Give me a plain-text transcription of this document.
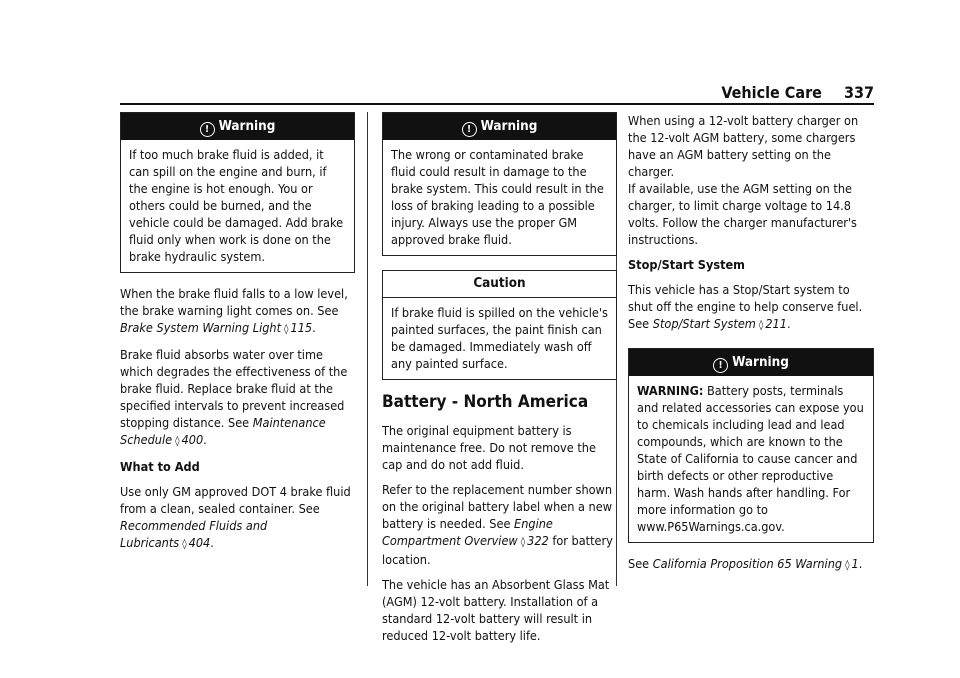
Vehicle Care 337
! Warning
If too much brake fluid is added, it can spill on the engine and burn, if the engine is hot enough. You or others could be burned, and the vehicle could be damaged. Add brake fluid only when work is done on the brake hydraulic system.

When the brake fluid falls to a low level, the brake warning light comes on. See Brake System Warning Light ◊ 115.

Brake fluid absorbs water over time which degrades the effectiveness of the brake fluid. Replace brake fluid at the specified intervals to prevent increased stopping distance. See Maintenance Schedule ◊ 400.

What to Add

Use only GM approved DOT 4 brake fluid from a clean, sealed container. See Recommended Fluids and Lubricants ◊ 404.

! Warning
The wrong or contaminated brake fluid could result in damage to the brake system. This could result in the loss of braking leading to a possible injury. Always use the proper GM approved brake fluid.
Caution
If brake fluid is spilled on the vehicle's painted surfaces, the paint finish can be damaged. Immediately wash off any painted surface.
Battery - North America

The original equipment battery is maintenance free. Do not remove the cap and do not add fluid.

Refer to the replacement number shown on the original battery label when a new battery is needed. See Engine Compartment Overview ◊ 322 for battery location.

The vehicle has an Absorbent Glass Mat (AGM) 12-volt battery. Installation of a standard 12-volt battery will result in reduced 12-volt battery life.

When using a 12-volt battery charger on the 12-volt AGM battery, some chargers have an AGM battery setting on the charger.

If available, use the AGM setting on the charger, to limit charge voltage to 14.8 volts. Follow the charger manufacturer's instructions.

Stop/Start System

This vehicle has a Stop/Start system to shut off the engine to help conserve fuel. See Stop/Start System ◊ 211.

! Warning
WARNING: Battery posts, terminals and related accessories can expose you to chemicals including lead and lead compounds, which are known to the State of California to cause cancer and birth defects or other reproductive harm. Wash hands after handling. For more information go to www.P65Warnings.ca.gov.

See California Proposition 65 Warning ◊ 1.
